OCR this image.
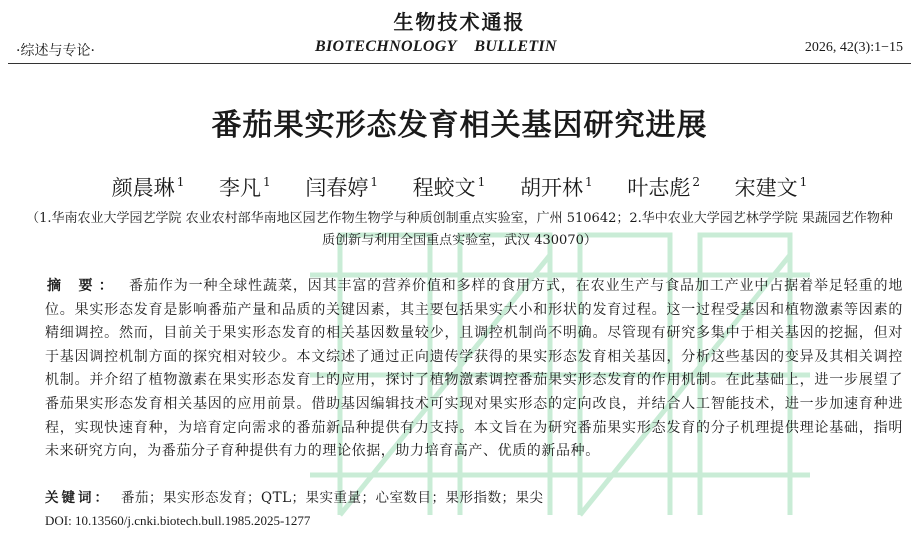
生物技术通报
·综述与专论·	BIOTECHNOLOGY BULLETIN	2026, 42(3):1−15
番茄果实形态发育相关基因研究进展
颜晨琳 $^1$ 李凡 $^1$ 闫春婷 $^1$ 程蛟文 $^1$ 胡开林 $^1$ 叶志彪 $^2$ 宋建文 $^1$
（1.华南农业大学园艺学院 农业农村部华南地区园艺作物生物学与种质创制重点实验室，广州 510642；2.华中农业大学园艺林学学院 果蔬园艺作物种质创新与利用全国重点实验室，武汉 430070）
摘 要： 番茄作为一种全球性蔬菜，因其丰富的营养价值和多样的食用方式，在农业生产与食品加工产业中占据着举足轻重的地位。果实形态发育是影响番茄产量和品质的关键因素，其主要包括果实大小和形状的发育过程。这一过程受基因和植物激素等因素的精细调控。然而，目前关于果实形态发育的相关基因数量较少，且调控机制尚不明确。尽管现有研究多集中于相关基因的挖掘，但对于基因调控机制方面的探究相对较少。本文综述了通过正向遗传学获得的果实形态发育相关基因，分析这些基因的变异及其相关调控机制。并介绍了植物激素在果实形态发育上的应用，探讨了植物激素调控番茄果实形态发育的作用机制。在此基础上，进一步展望了番茄果实形态发育相关基因的应用前景。借助基因编辑技术可实现对果实形态的定向改良，并结合人工智能技术，进一步加速育种进程，实现快速育种，为培育定向需求的番茄新品种提供有力支持。本文旨在为研究番茄果实形态发育的分子机理提供理论基础，指明未来研究方向，为番茄分子育种提供有力的理论依据，助力培育高产、优质的新品种。
关键词： 番茄；果实形态发育；QTL；果实重量；心室数目；果形指数；果尖
DOI: 10.13560/j.cnki.biotech.bull.1985.2025-1277
